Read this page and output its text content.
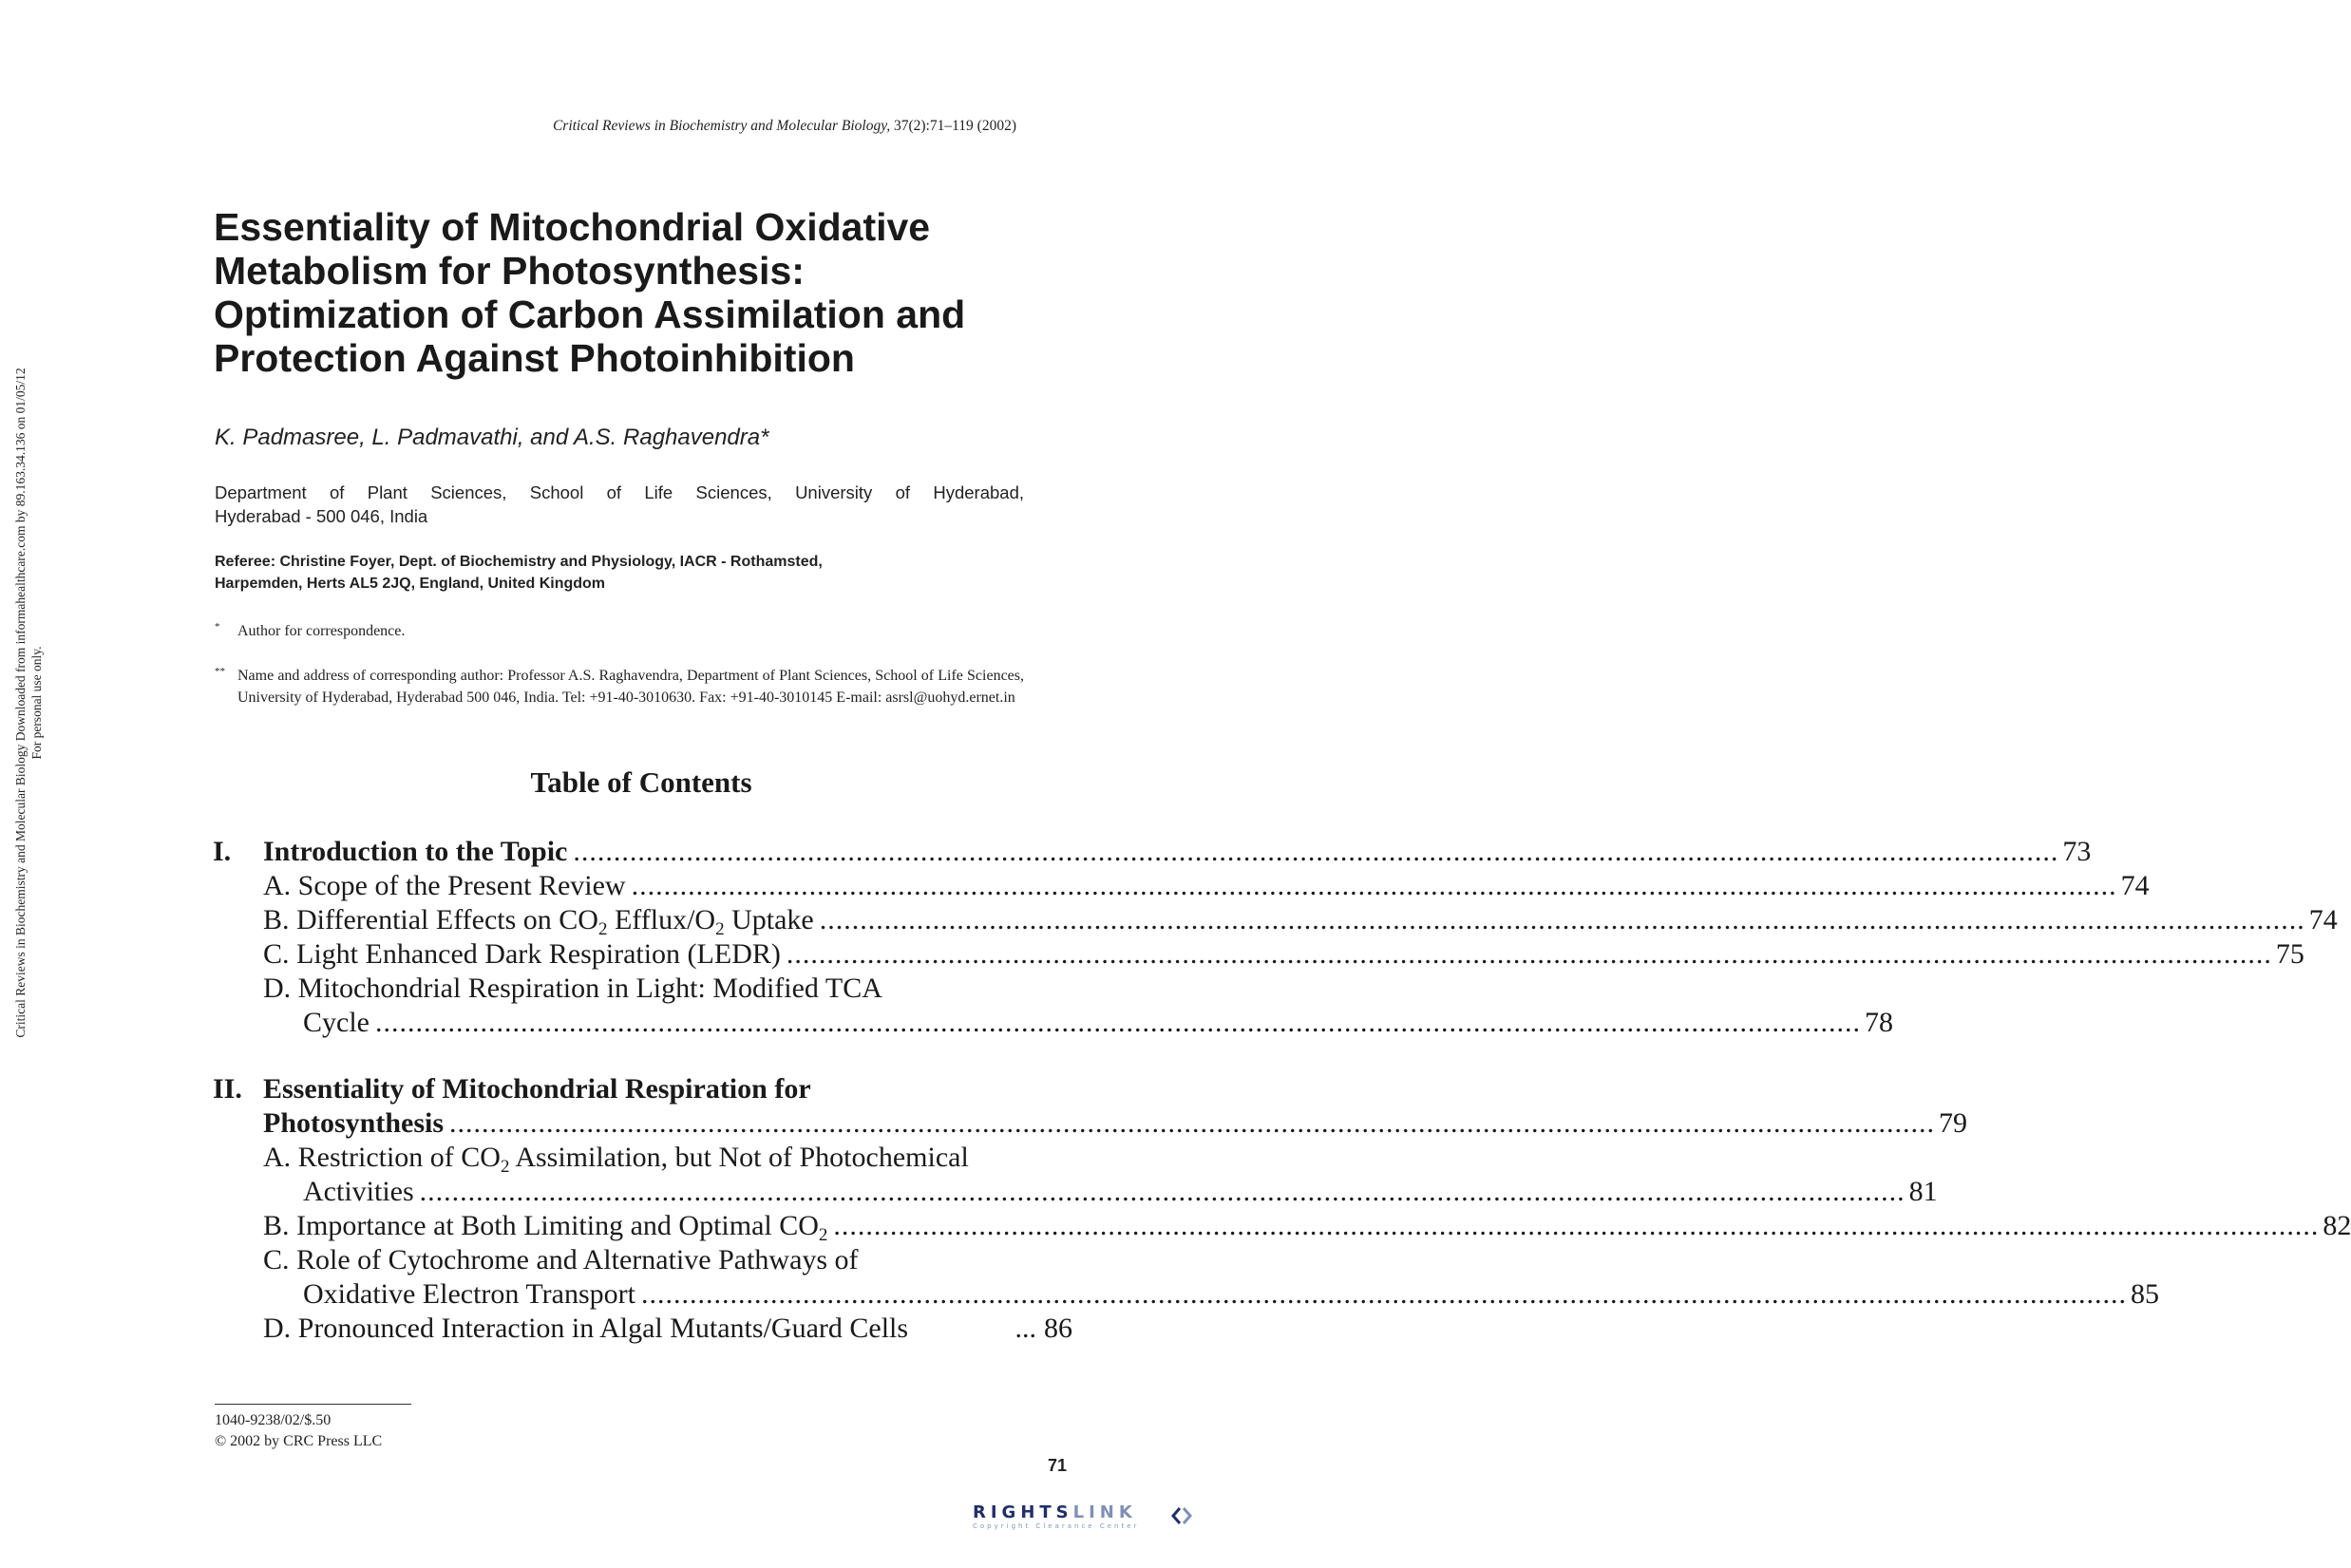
Critical Reviews in Biochemistry and Molecular Biology Downloaded from informahealthcare.com by 89.163.34.136 on 01/05/12 For personal use only.
Critical Reviews in Biochemistry and Molecular Biology, 37(2):71–119 (2002)
Essentiality of Mitochondrial Oxidative
Metabolism for Photosynthesis:
Optimization of Carbon Assimilation and
Protection Against Photoinhibition
K. Padmasree, L. Padmavathi, and A.S. Raghavendra*
Department of Plant Sciences, School of Life Sciences, University of Hyderabad,
Hyderabad - 500 046, India
Referee: Christine Foyer, Dept. of Biochemistry and Physiology, IACR - Rothamsted,
Harpemden, Herts AL5 2JQ, England, United Kingdom
* Author for correspondence.
** Name and address of corresponding author: Professor A.S. Raghavendra, Department of Plant Sciences, School of Life Sciences, University of Hyderabad, Hyderabad 500 046, India. Tel: +91-40-3010630. Fax: +91-40-3010145 E-mail: asrsl@uohyd.ernet.in
Table of Contents
I. Introduction to the Topic ........................................................................................................................................................................................ 73
A. Scope of the Present Review ........................................................................................................................................................................................ 74
B. Differential Effects on $CO_2$ Efflux/$O_2$ Uptake ........................................................................................................................................................................................ 74
C. Light Enhanced Dark Respiration (LEDR) ........................................................................................................................................................................................ 75
D. Mitochondrial Respiration in Light: Modified TCA
Cycle ........................................................................................................................................................................................ 78
II. Essentiality of Mitochondrial Respiration for
Photosynthesis ........................................................................................................................................................................................ 79
A. Restriction of $CO_2$ Assimilation, but Not of Photochemical
Activities ........................................................................................................................................................................................ 81
B. Importance at Both Limiting and Optimal $CO_2$ ........................................................................................................................................................................................ 82
C. Role of Cytochrome and Alternative Pathways of
Oxidative Electron Transport ........................................................................................................................................................................................ 85
D. Pronounced Interaction in Algal Mutants/Guard Cells	... 86
1040-9238/02/$.50
© 2002 by CRC Press LLC
71
RIGHTSLINK
Copyright Clearance Center
